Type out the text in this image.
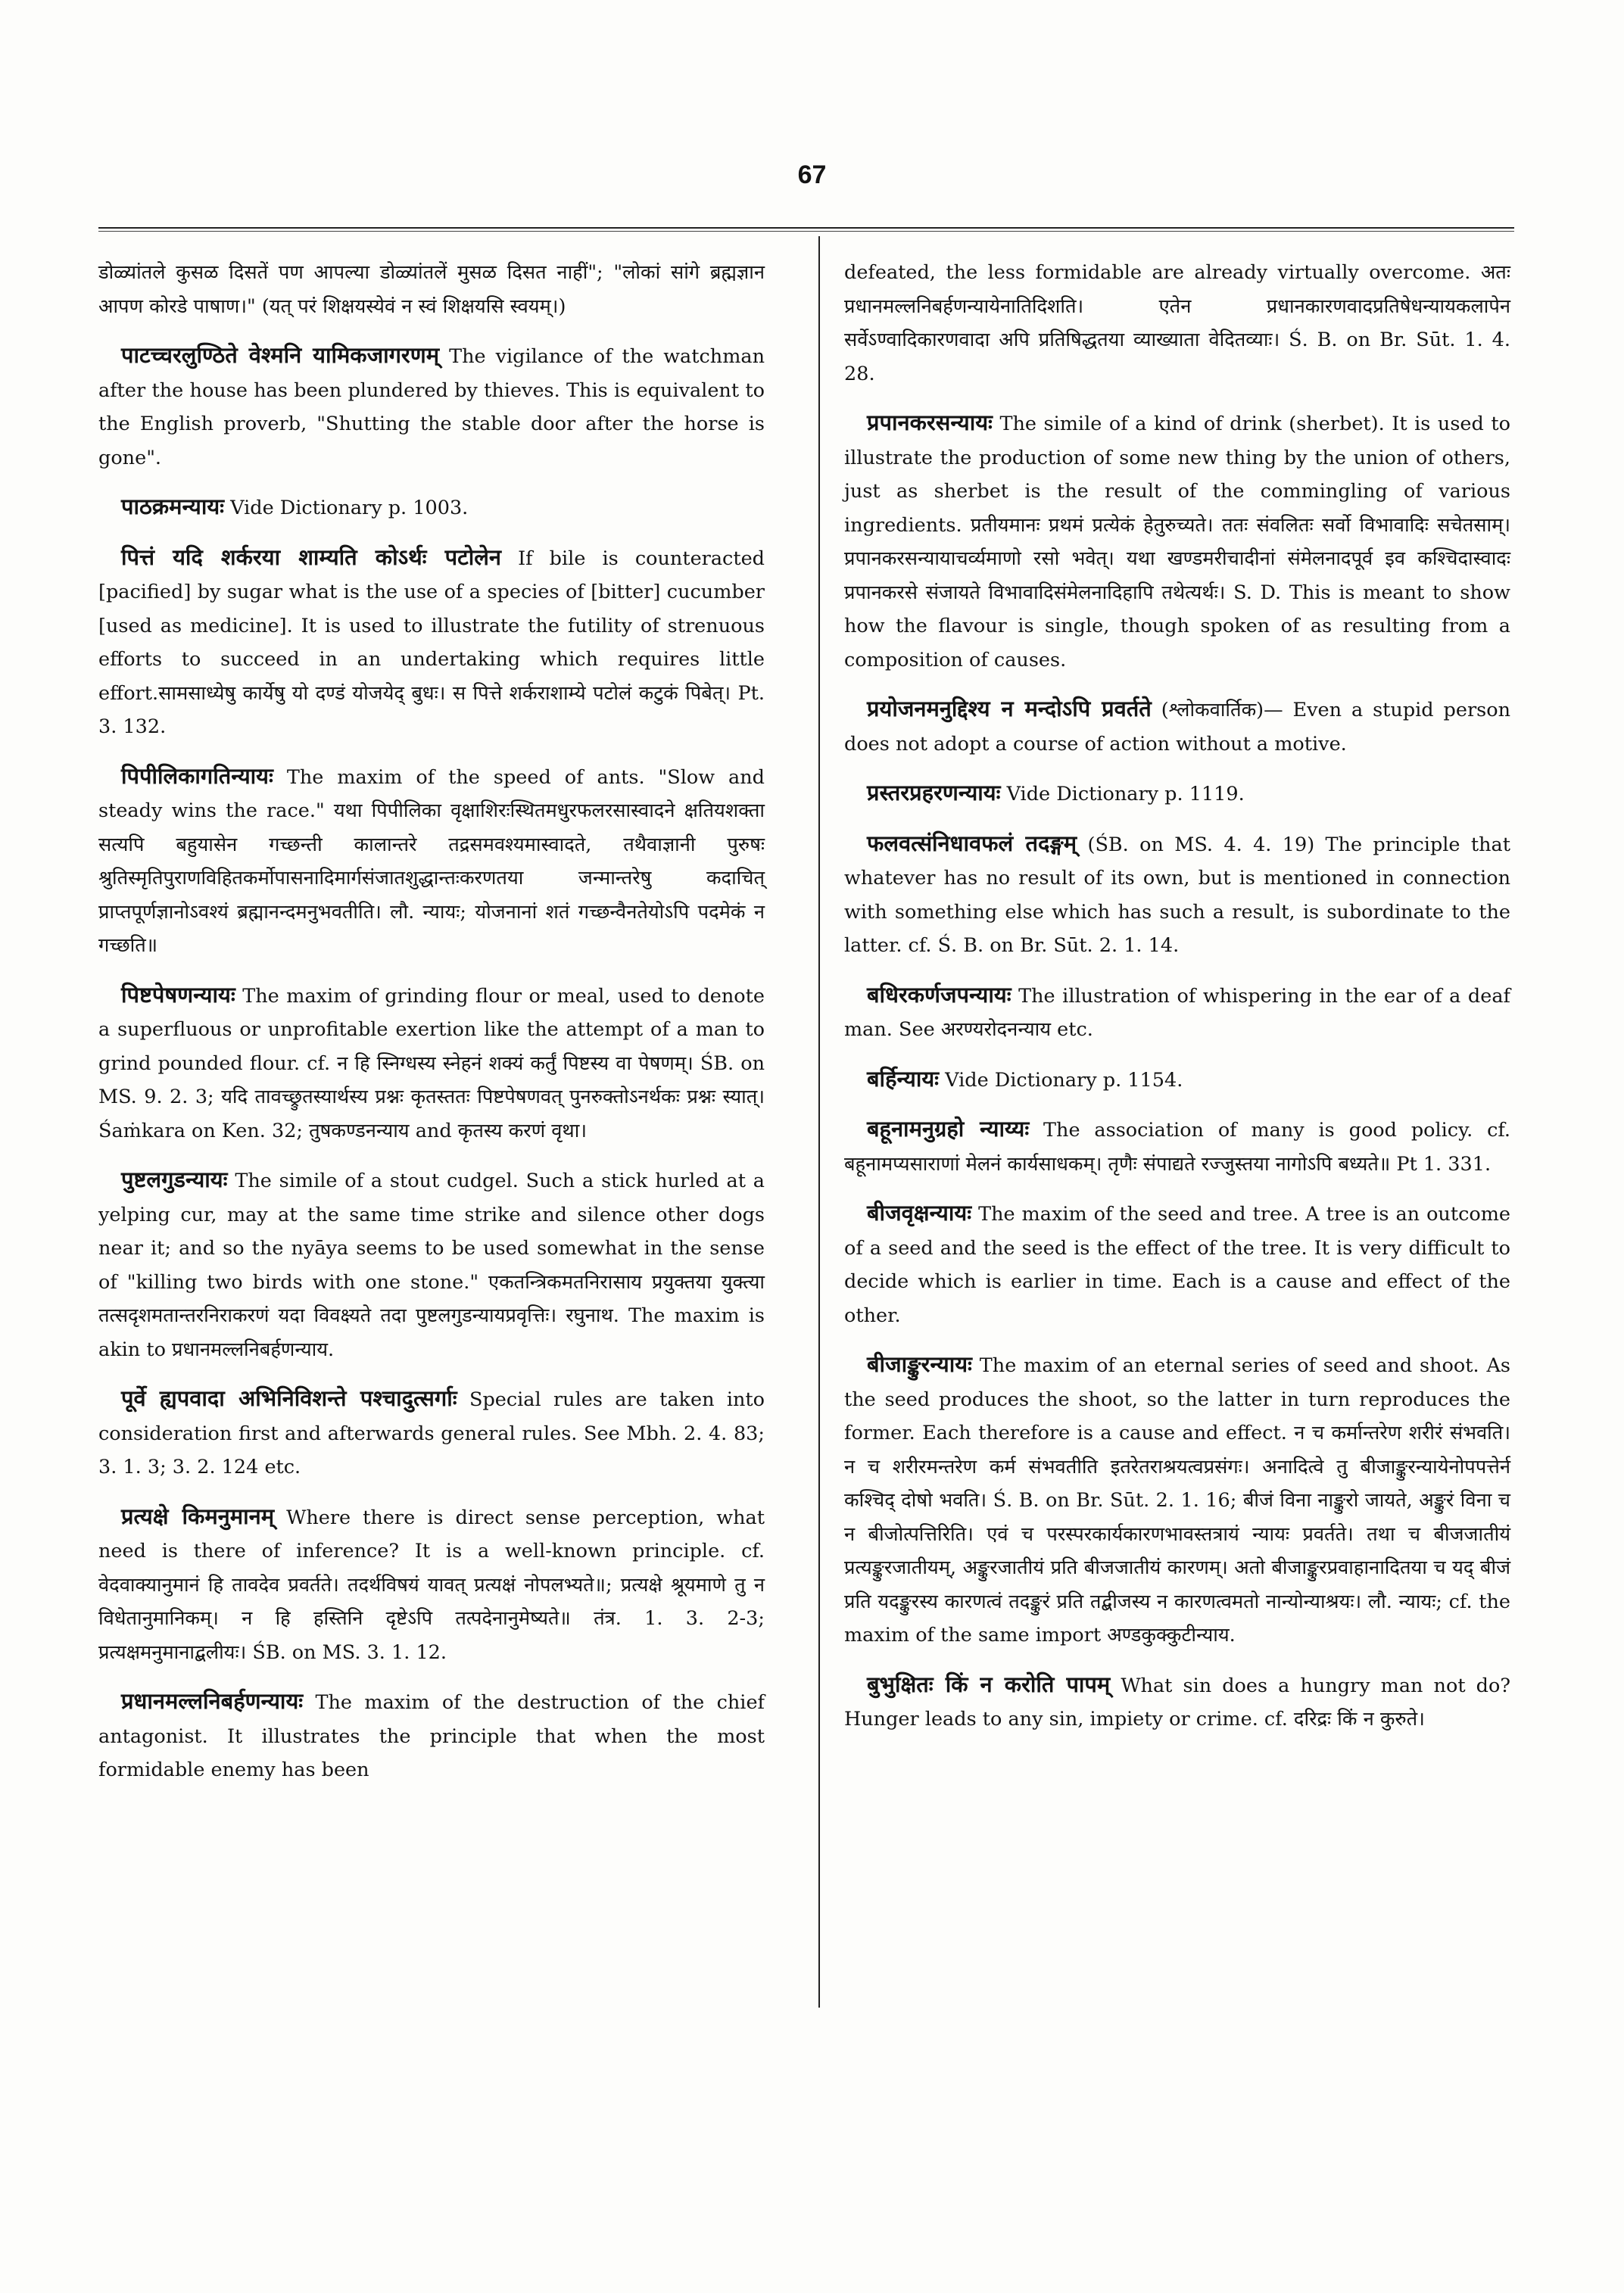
67

डोळ्यांतले कुसळ दिसतें पण आपल्या डोळ्यांतलें मुसळ दिसत नाहीं"; "लोकां सांगे ब्रह्मज्ञान आपण कोरडे पाषाण।" (यत् परं शिक्षयस्येवं न स्वं शिक्षयसि स्वयम्।)

पाटच्चरलुण्ठिते वेश्मनि यामिकजागरणम् The vigilance of the watchman after the house has been plundered by thieves. This is equivalent to the English proverb, "Shutting the stable door after the horse is gone".

पाठक्रमन्यायः Vide Dictionary p. 1003.

पित्तं यदि शर्करया शाम्यति कोऽर्थः पटोलेन If bile is counteracted [pacified] by sugar what is the use of a species of [bitter] cucumber [used as medicine]. It is used to illustrate the futility of strenuous efforts to succeed in an undertaking which requires little effort.सामसाध्येषु कार्येषु यो दण्डं योजयेद् बुधः। स पित्ते शर्कराशाम्ये पटोलं कटुकं पिबेत्। Pt. 3. 132.

पिपीलिकागतिन्यायः The maxim of the speed of ants. "Slow and steady wins the race." यथा पिपीलिका वृक्षाशिरःस्थितमधुरफलरसास्वादने क्षतियशक्ता सत्यपि बहुयासेन गच्छन्ती कालान्तरे तद्रसमवश्यमास्वादते, तथैवाज्ञानी पुरुषः श्रुतिस्मृतिपुराणविहितकर्मोपासनादिमार्गसंजातशुद्धान्तःकरणतया जन्मान्तरेषु कदाचित् प्राप्तपूर्णज्ञानोऽवश्यं ब्रह्मानन्दमनुभवतीति। लौ. न्यायः; योजनानां शतं गच्छन्वैनतेयोऽपि पदमेकं न गच्छति॥

पिष्टपेषणन्यायः The maxim of grinding flour or meal, used to denote a superfluous or unprofitable exertion like the attempt of a man to grind pounded flour. cf. न हि स्निग्धस्य स्नेहनं शक्यं कर्तुं पिष्टस्य वा पेषणम्। ŚB. on MS. 9. 2. 3; यदि तावच्छ्रुतस्यार्थस्य प्रश्नः कृतस्ततः पिष्टपेषणवत् पुनरुक्तोऽनर्थकः प्रश्नः स्यात्। Śaṁkara on Ken. 32; तुषकण्डनन्याय and कृतस्य करणं वृथा।

पुष्टलगुडन्यायः The simile of a stout cudgel. Such a stick hurled at a yelping cur, may at the same time strike and silence other dogs near it; and so the nyāya seems to be used somewhat in the sense of "killing two birds with one stone." एकतन्त्रिकमतनिरासाय प्रयुक्तया युक्त्या तत्सदृशमतान्तरनिराकरणं यदा विवक्ष्यते तदा पुष्टलगुडन्यायप्रवृत्तिः। रघुनाथ. The maxim is akin to प्रधानमल्लनिबर्हणन्याय.

पूर्वे ह्यपवादा अभिनिविशन्ते पश्चादुत्सर्गाः Special rules are taken into consideration first and afterwards general rules. See Mbh. 2. 4. 83; 3. 1. 3; 3. 2. 124 etc.

प्रत्यक्षे किमनुमानम् Where there is direct sense perception, what need is there of inference? It is a well-known principle. cf. वेदवाक्यानुमानं हि तावदेव प्रवर्तते। तदर्थविषयं यावत् प्रत्यक्षं नोपलभ्यते॥; प्रत्यक्षे श्रूयमाणे तु न विधेतानुमानिकम्। न हि हस्तिनि दृष्टेऽपि तत्पदेनानुमेष्यते॥ तंत्र. 1. 3. 2-3; प्रत्यक्षमनुमानाद्बलीयः। ŚB. on MS. 3. 1. 12.

प्रधानमल्लनिबर्हणन्यायः The maxim of the destruction of the chief antagonist. It illustrates the principle that when the most formidable enemy has been

defeated, the less formidable are already virtually overcome. अतः प्रधानमल्लनिबर्हणन्यायेनातिदिशति। एतेन प्रधानकारणवादप्रतिषेधन्यायकलापेन सर्वेऽण्वादिकारणवादा अपि प्रतिषिद्धतया व्याख्याता वेदितव्याः। Ś. B. on Br. Sūt. 1. 4. 28.

प्रपानकरसन्यायः The simile of a kind of drink (sherbet). It is used to illustrate the production of some new thing by the union of others, just as sherbet is the result of the commingling of various ingredients. प्रतीयमानः प्रथमं प्रत्येकं हेतुरुच्यते। ततः संवलितः सर्वो विभावादिः सचेतसाम्। प्रपानकरसन्यायाचर्व्यमाणो रसो भवेत्। यथा खण्डमरीचादीनां संमेलनादपूर्व इव कश्चिदास्वादः प्रपानकरसे संजायते विभावादिसंमेलनादिहापि तथेत्यर्थः। S. D. This is meant to show how the flavour is single, though spoken of as resulting from a composition of causes.

प्रयोजनमनुद्दिश्य न मन्दोऽपि प्रवर्तते (श्लोकवार्तिक)— Even a stupid person does not adopt a course of action without a motive.

प्रस्तरप्रहरणन्यायः Vide Dictionary p. 1119.

फलवत्संनिधावफलं तदङ्गम् (ŚB. on MS. 4. 4. 19) The principle that whatever has no result of its own, but is mentioned in connection with something else which has such a result, is subordinate to the latter. cf. Ś. B. on Br. Sūt. 2. 1. 14.

बधिरकर्णजपन्यायः The illustration of whispering in the ear of a deaf man. See अरण्यरोदनन्याय etc.

बर्हिन्यायः Vide Dictionary p. 1154.

बहूनामनुग्रहो न्याय्यः The association of many is good policy. cf. बहूनामप्यसाराणां मेलनं कार्यसाधकम्। तृणैः संपाद्यते रज्जुस्तया नागोऽपि बध्यते॥ Pt 1. 331.

बीजवृक्षन्यायः The maxim of the seed and tree. A tree is an outcome of a seed and the seed is the effect of the tree. It is very difficult to decide which is earlier in time. Each is a cause and effect of the other.

बीजाङ्कुरन्यायः The maxim of an eternal series of seed and shoot. As the seed produces the shoot, so the latter in turn reproduces the former. Each therefore is a cause and effect. न च कर्मान्तरेण शरीरं संभवति। न च शरीरमन्तरेण कर्म संभवतीति इतरेतराश्रयत्वप्रसंगः। अनादित्वे तु बीजाङ्कुरन्यायेनोपपत्तेर्न कश्चिद् दोषो भवति। Ś. B. on Br. Sūt. 2. 1. 16; बीजं विना नाङ्कुरो जायते, अङ्कुरं विना च न बीजोत्पत्तिरिति। एवं च परस्परकार्यकारणभावस्तत्रायं न्यायः प्रवर्तते। तथा च बीजजातीयं प्रत्यङ्कुरजातीयम्, अङ्कुरजातीयं प्रति बीजजातीयं कारणम्। अतो बीजाङ्कुरप्रवाहानादितया च यद् बीजं प्रति यदङ्कुरस्य कारणत्वं तदङ्कुरं प्रति तद्बीजस्य न कारणत्वमतो नान्योन्याश्रयः। लौ. न्यायः; cf. the maxim of the same import अण्डकुक्कुटीन्याय.

बुभुक्षितः किं न करोति पापम् What sin does a hungry man not do? Hunger leads to any sin, impiety or crime. cf. दरिद्रः किं न कुरुते।
